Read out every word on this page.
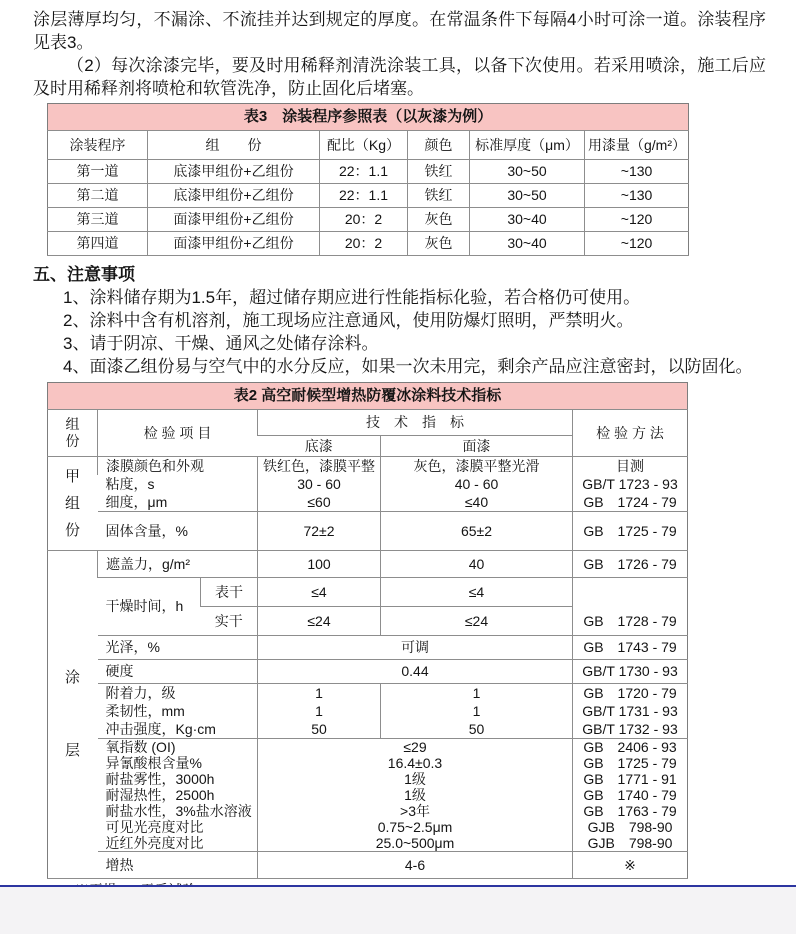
涂层薄厚均匀，不漏涂、不流挂并达到规定的厚度。在常温条件下每隔4小时可涂一道。涂装程序见表3。

（2）每次涂漆完毕，要及时用稀释剂清洗涂装工具，以备下次使用。若采用喷涂，施工后应及时用稀释剂将喷枪和软管洗净，防止固化后堵塞。

表3　涂装程序参照表（以灰漆为例）					
涂装程序	组　　份	配比（Kg）	颜色	标准厚度（μm）	用漆量（g/m²）
第一道	底漆甲组份+乙组份	22：1.1	铁红	30~50	~130
第二道	底漆甲组份+乙组份	22：1.1	铁红	30~50	~130
第三道	面漆甲组份+乙组份	20：2	灰色	30~40	~120
第四道	面漆甲组份+乙组份	20：2	灰色	30~40	~120
五、注意事项
1、涂料储存期为1.5年，超过储存期应进行性能指标化验，若合格仍可使用。
2、涂料中含有机溶剂，施工现场应注意通风，使用防爆灯照明，严禁明火。
3、请于阴凉、干燥、通风之处储存涂料。
4、面漆乙组份易与空气中的水分反应，如果一次未用完，剩余产品应注意密封，以防固化。
表2 高空耐候型增热防覆冰涂料技术指标					

组
份	检 验 项 目		技　术　指　标		检 验 方 法
			底漆	面漆	

甲
组
份	漆膜颜色和外观		铁红色，漆膜平整	灰色，漆膜平整光滑	目测
	粘度，s		30 - 60	40 - 60	GB/T 1723 - 93
	细度，μm		≤60	≤40	GB　1724 - 79
	固体含量，%		72±2	65±2	GB　1725 - 79

涂
层	遮盖力，g/m²		100	40	GB　1726 - 79
	干燥时间，h	表干	≤4	≤4	GB　1728 - 79
		实干	≤24	≤24	
	光泽，%		可调		GB　1743 - 79
	硬度		0.44		GB/T 1730 - 93
	附着力，级		1	1	GB　1720 - 79
	柔韧性，mm		1	1	GB/T 1731 - 93
	冲击强度，Kg·cm		50	50	GB/T 1732 - 93
	氧指数 (OI)		≤29		GB　2406 - 93
	异氰酸根含量%		16.4±0.3		GB　1725 - 79
	耐盐雾性，3000h		1级		GB　1771 - 91
	耐湿热性，2500h		1级		GB　1740 - 79
	耐盐水性，3%盐水溶液		>3年		GB　1763 - 79
	可见光亮度对比		0.75~2.5μm		GJB　798-90
	近红外亮度对比		25.0~500μm		GJB　798-90
	增热		4-6		※
